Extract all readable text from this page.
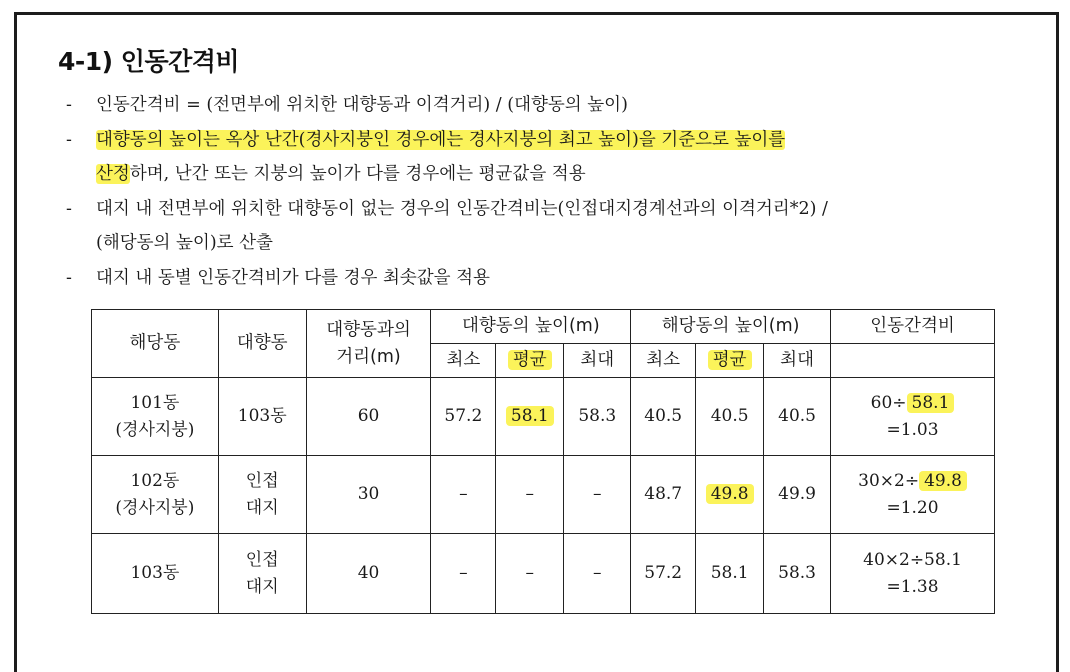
4-1) 인동간격비
-	인동간격비 = (전면부에 위치한 대향동과 이격거리) / (대향동의 높이)
-	대향동의 높이는 옥상 난간(경사지붕인 경우에는 경사지붕의 최고 높이)을 기준으로 높이를
산정하며, 난간 또는 지붕의 높이가 다를 경우에는 평균값을 적용
-	대지 내 전면부에 위치한 대향동이 없는 경우의 인동간격비는(인접대지경계선과의 이격거리*2) /
(해당동의 높이)로 산출
-	대지 내 동별 인동간격비가 다를 경우 최솟값을 적용
해당동	대향동	대향동과의
거리(m)	대향동의 높이(m)			해당동의 높이(m)			인동간격비
			최소	평균	최대	최소	평균	최대	
101동
(경사지붕)	103동	60	57.2	58.1	58.3	40.5	40.5	40.5	60÷ 58.1
=1.03
102동
(경사지붕)	인접
대지	30	–	–	–	48.7	49.8	49.9	30×2÷ 49.8
=1.20
103동	인접
대지	40	–	–	–	57.2	58.1	58.3	40×2÷58.1
=1.38
